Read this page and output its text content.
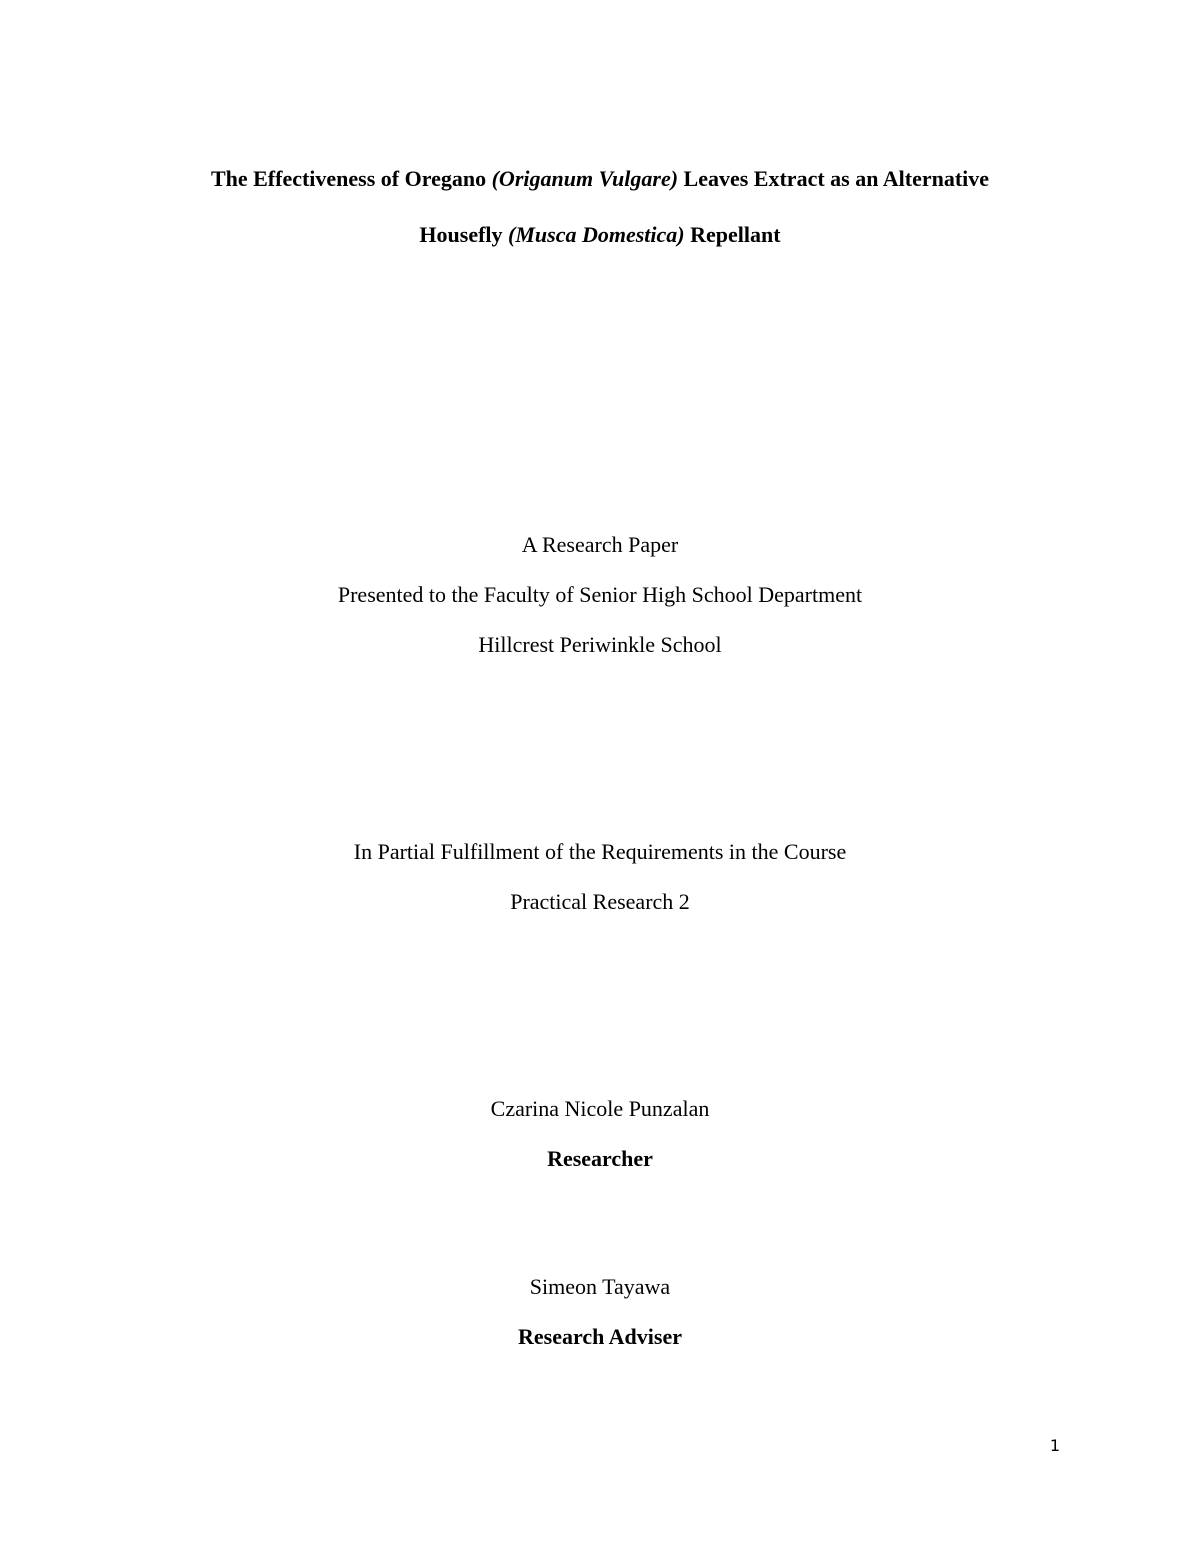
The Effectiveness of Oregano (Origanum Vulgare) Leaves Extract as an Alternative
Housefly (Musca Domestica) Repellant
A Research Paper
Presented to the Faculty of Senior High School Department
Hillcrest Periwinkle School
In Partial Fulfillment of the Requirements in the Course
Practical Research 2
Czarina Nicole Punzalan
Researcher
Simeon Tayawa
Research Adviser
1
